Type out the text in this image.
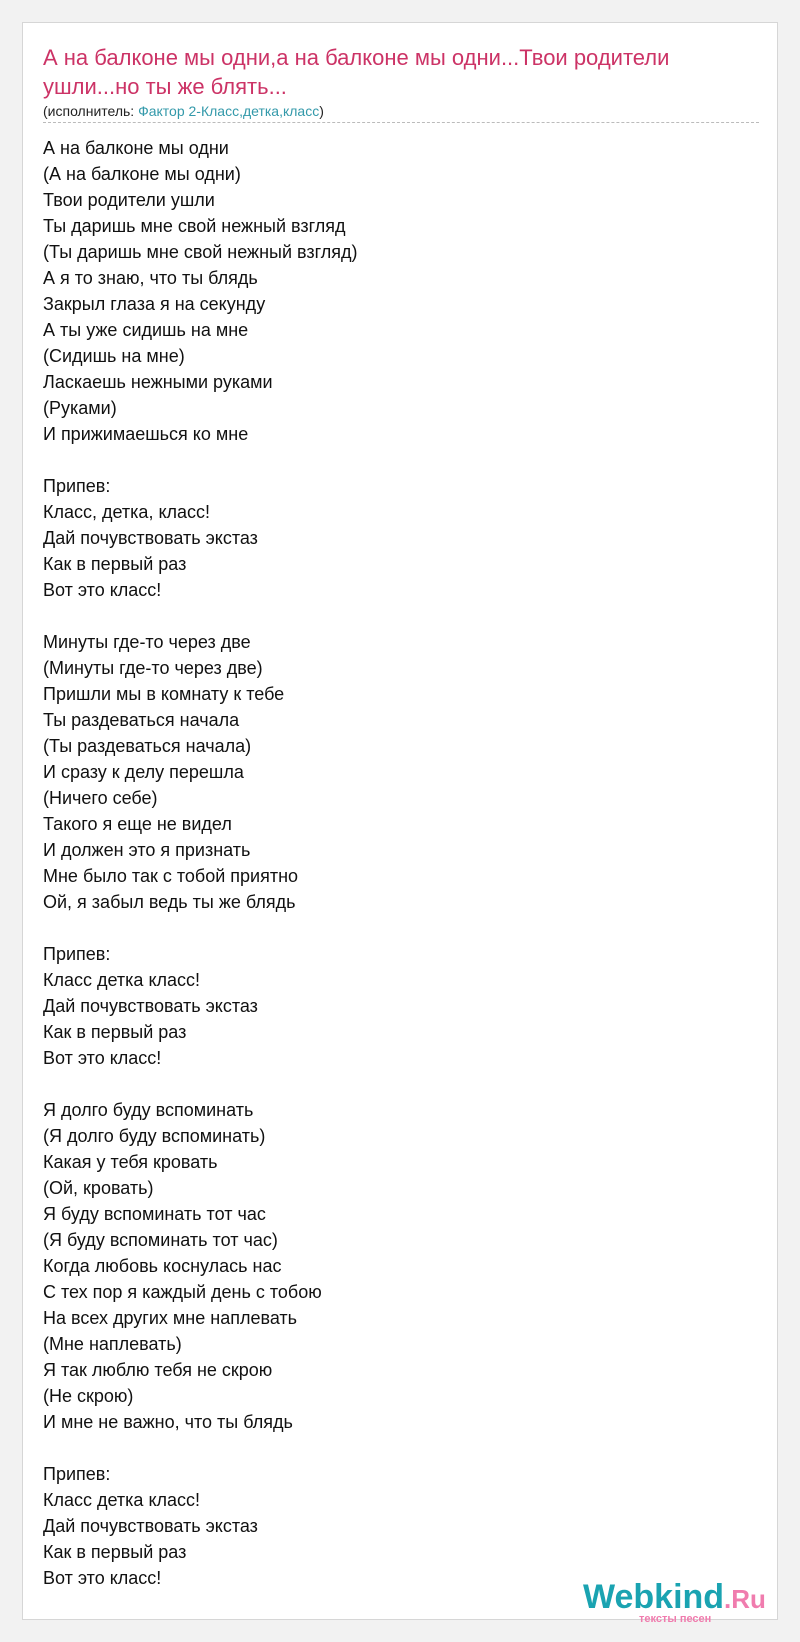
А на балконе мы одни,а на балконе мы одни...Твои родители ушли...но ты же блять...
(исполнитель: Фактор 2-Класс,детка,класс)
А на балконе мы одни
(А на балконе мы одни)
Твои родители ушли
Ты даришь мне свой нежный взгляд
(Ты даришь мне свой нежный взгляд)
А я то знаю, что ты блядь
Закрыл глаза я на секунду
А ты уже сидишь на мне
(Сидишь на мне)
Ласкаешь нежными руками
(Руками)
И прижимаешься ко мне
Припев:
Класс, детка, класс!
Дай почувствовать экстаз
Как в первый раз
Вот это класс!
Минуты где-то через две
(Минуты где-то через две)
Пришли мы в комнату к тебе
Ты раздеваться начала
(Ты раздеваться начала)
И сразу к делу перешла
(Ничего себе)
Такого я еще не видел
И должен это я признать
Мне было так с тобой приятно
Ой, я забыл ведь ты же блядь
Припев:
Класс детка класс!
Дай почувствовать экстаз
Как в первый раз
Вот это класс!
Я долго буду вспоминать
(Я долго буду вспоминать)
Какая у тебя кровать
(Ой, кровать)
Я буду вспоминать тот час
(Я буду вспоминать тот час)
Когда любовь коснулась нас
С тех пор я каждый день с тобою
На всех других мне наплевать
(Мне наплевать)
Я так люблю тебя не скрою
(Не скрою)
И мне не важно, что ты блядь
Припев:
Класс детка класс!
Дай почувствовать экстаз
Как в первый раз
Вот это класс!	Webkind.Ru
тексты песен
